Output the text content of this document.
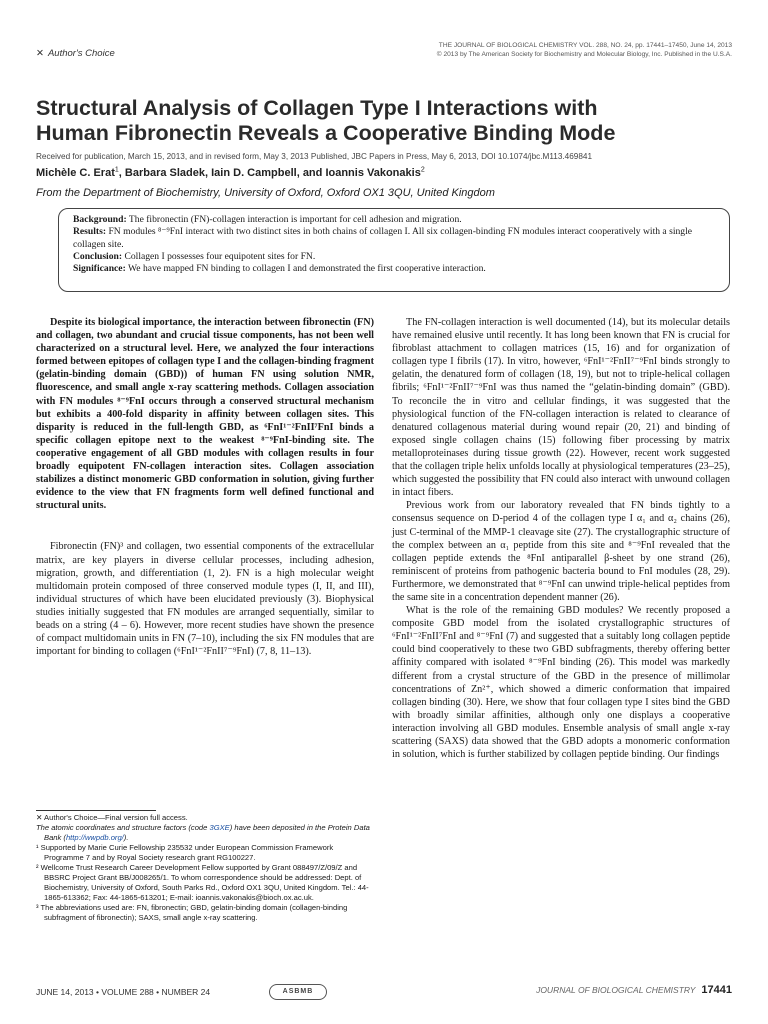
✕ Author's Choice
THE JOURNAL OF BIOLOGICAL CHEMISTRY VOL. 288, NO. 24, pp. 17441–17450, June 14, 2013
© 2013 by The American Society for Biochemistry and Molecular Biology, Inc. Published in the U.S.A.
Structural Analysis of Collagen Type I Interactions with
Human Fibronectin Reveals a Cooperative Binding Mode
Received for publication, March 15, 2013, and in revised form, May 3, 2013 Published, JBC Papers in Press, May 6, 2013, DOI 10.1074/jbc.M113.469841
Michèle C. Erat$^1$, Barbara Sladek, Iain D. Campbell, and Ioannis Vakonakis$^2$
From the Department of Biochemistry, University of Oxford, Oxford OX1 3QU, United Kingdom

Background: The fibronectin (FN)-collagen interaction is important for cell adhesion and migration.

Results: FN modules ⁸⁻⁹FnI interact with two distinct sites in both chains of collagen I. All six collagen-binding FN modules interact cooperatively with a single collagen site.

Conclusion: Collagen I possesses four equipotent sites for FN.

Significance: We have mapped FN binding to collagen I and demonstrated the first cooperative interaction.

Despite its biological importance, the interaction between fibronectin (FN) and collagen, two abundant and crucial tissue components, has not been well characterized on a structural level. Here, we analyzed the four interactions formed between epitopes of collagen type I and the collagen-binding fragment (gelatin-binding domain (GBD)) of human FN using solution NMR, fluorescence, and small angle x-ray scattering methods. Collagen association with FN modules ⁸⁻⁹FnI occurs through a conserved structural mechanism but exhibits a 400-fold disparity in affinity between collagen sites. This disparity is reduced in the full-length GBD, as ⁶FnI¹⁻²FnII⁷FnI binds a specific collagen epitope next to the weakest ⁸⁻⁹FnI-binding site. The cooperative engagement of all GBD modules with collagen results in four broadly equipotent FN-collagen interaction sites. Collagen association stabilizes a distinct monomeric GBD conformation in solution, giving further evidence to the view that FN fragments form well defined functional and structural units.

Fibronectin (FN)³ and collagen, two essential components of the extracellular matrix, are key players in diverse cellular processes, including adhesion, migration, growth, and differentiation (1, 2). FN is a high molecular weight multidomain protein composed of three conserved module types (I, II, and III), individual structures of which have been elucidated previously (3). Biophysical studies initially suggested that FN modules are arranged sequentially, similar to beads on a string (4 – 6). However, more recent studies have shown the presence of compact multidomain units in FN (7–10), including the six FN modules that are important for binding to collagen (⁶FnI¹⁻²FnII⁷⁻⁹FnI) (7, 8, 11–13).

✕ Author's Choice—Final version full access.

The atomic coordinates and structure factors (code 3GXE) have been deposited in the Protein Data Bank (http://wwpdb.org/).

¹ Supported by Marie Curie Fellowship 235532 under European Commission Framework Programme 7 and by Royal Society research grant RG100227.

² Wellcome Trust Research Career Development Fellow supported by Grant 088497/Z/09/Z and BBSRC Project Grant BB/J008265/1. To whom correspondence should be addressed: Dept. of Biochemistry, University of Oxford, South Parks Rd., Oxford OX1 3QU, United Kingdom. Tel.: 44-1865-613362; Fax: 44-1865-613201; E-mail: ioannis.vakonakis@bioch.ox.ac.uk.

³ The abbreviations used are: FN, fibronectin; GBD, gelatin-binding domain (collagen-binding subfragment of fibronectin); SAXS, small angle x-ray scattering.

The FN-collagen interaction is well documented (14), but its molecular details have remained elusive until recently. It has long been known that FN is crucial for fibroblast attachment to collagen matrices (15, 16) and for organization of collagen type I fibrils (17). In vitro, however, ⁶FnI¹⁻²FnII⁷⁻⁹FnI binds strongly to gelatin, the denatured form of collagen (18, 19), but not to triple-helical collagen fibrils; ⁶FnI¹⁻²FnII⁷⁻⁹FnI was thus named the “gelatin-binding domain” (GBD). To reconcile the in vitro and cellular findings, it was suggested that the physiological function of the FN-collagen interaction is related to clearance of denatured collagenous material during wound repair (20, 21) and binding of exposed single collagen chains (15) following fiber processing by matrix metalloproteinases during tissue growth (22). However, recent work suggested that the collagen triple helix unfolds locally at physiological temperatures (23–25), which suggested the possibility that FN could also interact with unwound collagen in intact fibers.

Previous work from our laboratory revealed that FN binds tightly to a consensus sequence on D-period 4 of the collagen type I α₁ and α₂ chains (26), just C-terminal of the MMP-1 cleavage site (27). The crystallographic structure of the complex between an α₁ peptide from this site and ⁸⁻⁹FnI revealed that the collagen peptide extends the ⁸FnI antiparallel β-sheet by one strand (26), reminiscent of proteins from pathogenic bacteria bound to FnI modules (28, 29). Furthermore, we demonstrated that ⁸⁻⁹FnI can unwind triple-helical peptides from the same site in a concentration dependent manner (26).

What is the role of the remaining GBD modules? We recently proposed a composite GBD model from the isolated crystallographic structures of ⁶FnI¹⁻²FnII⁷FnI and ⁸⁻⁹FnI (7) and suggested that a suitably long collagen peptide could bind cooperatively to these two GBD subfragments, thereby offering better affinity compared with isolated ⁸⁻⁹FnI binding (26). This model was markedly different from a crystal structure of the GBD in the presence of millimolar concentrations of Zn²⁺, which showed a dimeric conformation that impaired collagen binding (30). Here, we show that four collagen type I sites bind the GBD with broadly similar affinities, although only one displays a cooperative interaction involving all GBD modules. Ensemble analysis of small angle x-ray scattering (SAXS) data showed that the GBD adopts a monomeric conformation in solution, which is further stabilized by collagen peptide binding. Our findings

JUNE 14, 2013 • VOLUME 288 • NUMBER 24	ASBMB	JOURNAL OF BIOLOGICAL CHEMISTRY 17441
